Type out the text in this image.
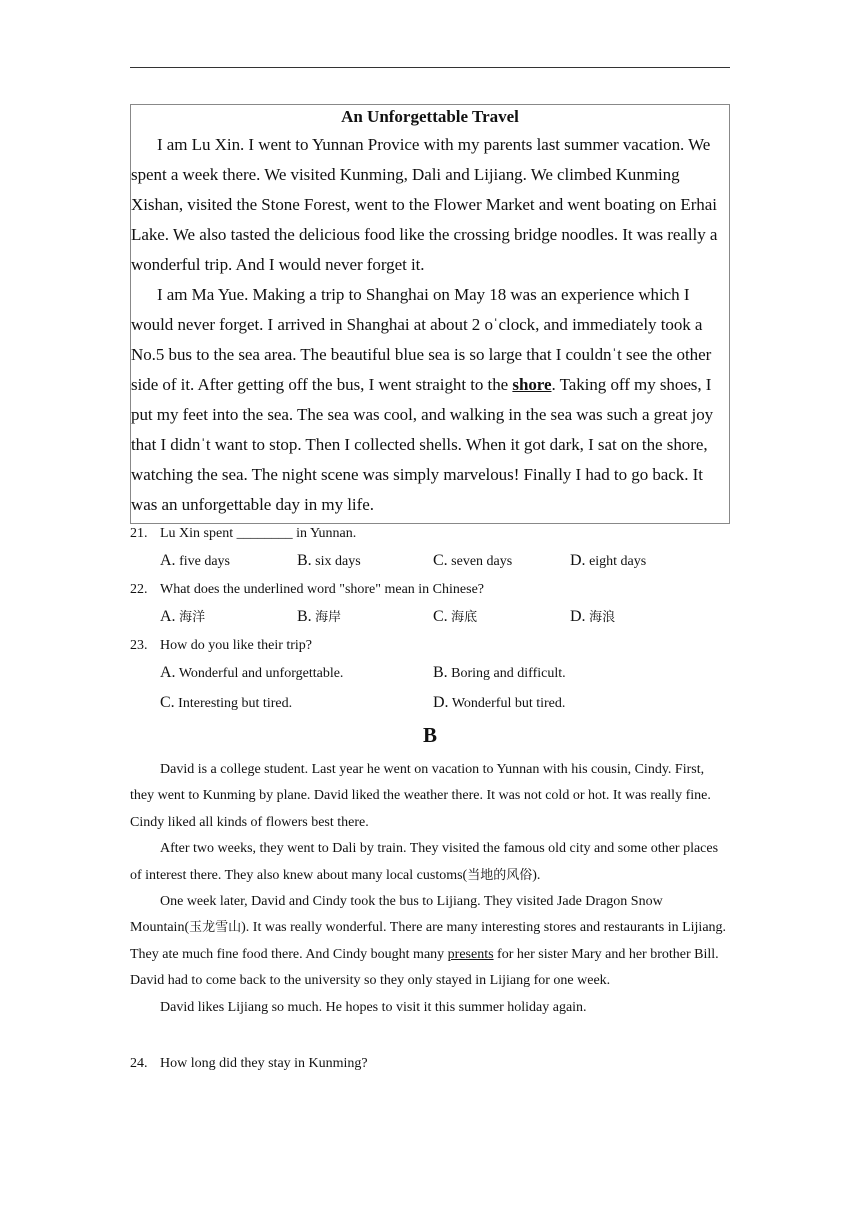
An Unforgettable Travel

I am Lu Xin. I went to Yunnan Provice with my parents last summer vacation. We spent a week there. We visited Kunming, Dali and Lijiang. We climbed Kunming Xishan, visited the Stone Forest, went to the Flower Market and went boating on Erhai Lake. We also tasted the delicious food like the crossing bridge noodles. It was really a wonderful trip. And I would never forget it.

I am Ma Yue. Making a trip to Shanghai on May 18 was an experience which I would never forget. I arrived in Shanghai at about 2 oˈclock, and immediately took a No.5 bus to the sea area. The beautiful blue sea is so large that I couldnˈt see the other side of it. After getting off the bus, I went straight to the shore. Taking off my shoes, I put my feet into the sea. The sea was cool, and walking in the sea was such a great joy that I didnˈt want to stop. Then I collected shells. When it got dark, I sat on the shore, watching the sea. The night scene was simply marvelous! Finally I had to go back. It was an unforgettable day in my life.

21. Lu Xin spent ________ in Yunnan.
A. five days	B. six days	C. seven days	D. eight days
22. What does the underlined word "shore" mean in Chinese?
A. 海洋	B. 海岸	C. 海底	D. 海浪
23. How do you like their trip?
A. Wonderful and unforgettable.	B. Boring and difficult.
C. Interesting but tired.	D. Wonderful but tired.
B

David is a college student. Last year he went on vacation to Yunnan with his cousin, Cindy. First, they went to Kunming by plane. David liked the weather there. It was not cold or hot. It was really fine. Cindy liked all kinds of flowers best there.

After two weeks, they went to Dali by train. They visited the famous old city and some other places of interest there. They also knew about many local customs(当地的风俗).

One week later, David and Cindy took the bus to Lijiang. They visited Jade Dragon Snow Mountain(玉龙雪山). It was really wonderful. There are many interesting stores and restaurants in Lijiang. They ate much fine food there. And Cindy bought many presents for her sister Mary and her brother Bill. David had to come back to the university so they only stayed in Lijiang for one week.

David likes Lijiang so much. He hopes to visit it this summer holiday again.

24. How long did they stay in Kunming?
